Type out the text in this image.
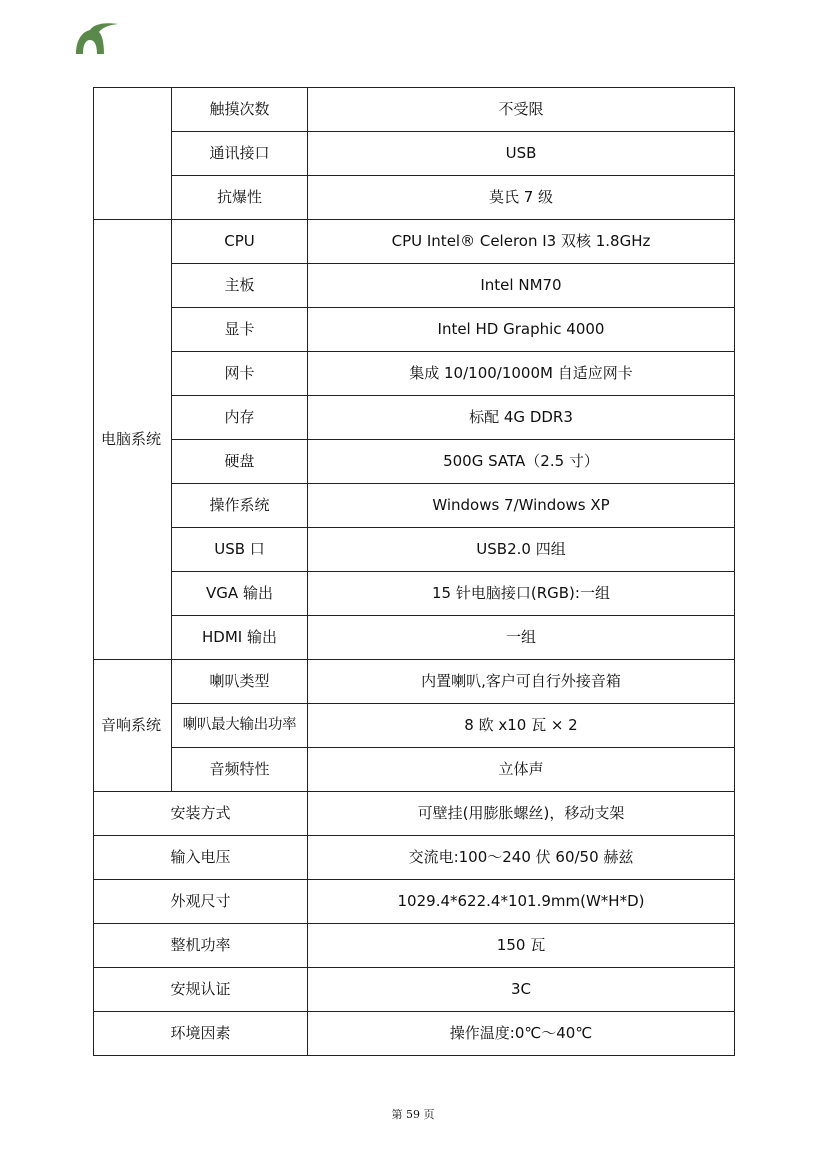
	触摸次数	不受限
	通讯接口	USB
	抗爆性	莫氏 7 级
电脑系统	CPU	CPU Intel® Celeron I3 双核 1.8GHz
	主板	Intel NM70
	显卡	Intel HD Graphic 4000
	网卡	集成 10/100/1000M 自适应网卡
	内存	标配 4G DDR3
	硬盘	500G SATA（2.5 寸）
	操作系统	Windows 7/Windows XP
	USB 口	USB2.0 四组
	VGA 输出	15 针电脑接口(RGB):一组
	HDMI 输出	一组
音响系统	喇叭类型	内置喇叭,客户可自行外接音箱
	喇叭最大输出功率	8 欧 x10 瓦 × 2
	音频特性	立体声
安装方式		可壁挂(用膨胀螺丝)，移动支架
输入电压		交流电:100～240 伏 60/50 赫兹
外观尺寸		1029.4*622.4*101.9mm(W*H*D)
整机功率		150 瓦
安规认证		3C
环境因素		操作温度:0℃～40℃
第 59 页
